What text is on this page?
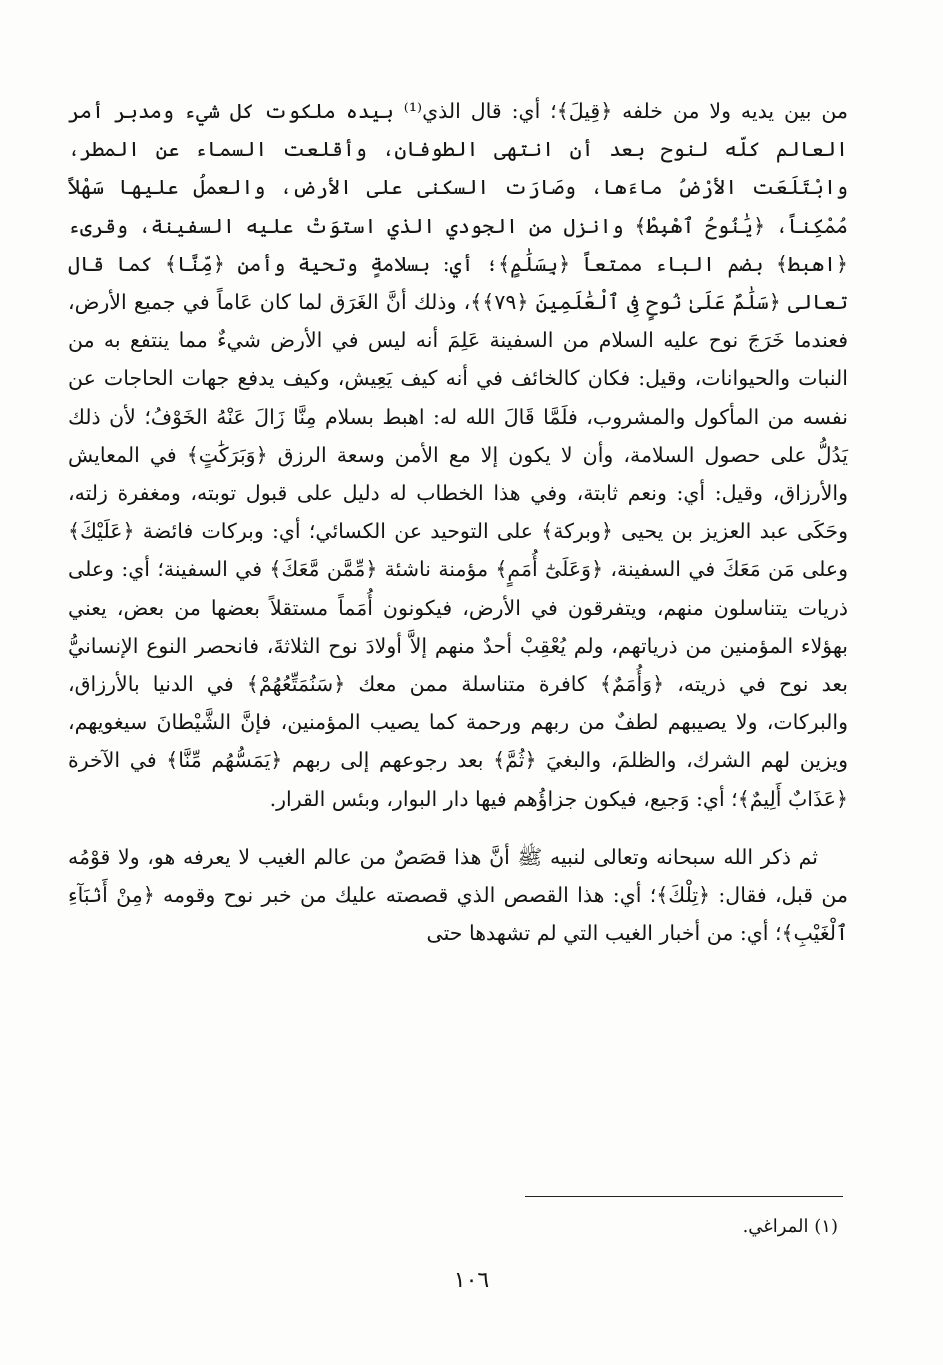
من بين يديه ولا من خلفه ﴿قِيلَ﴾؛ أي: قال الذي⁽¹⁾ بيده ملكوت كل شيء ومدبر أمر العالم كلّه لنوح بعد أن انتهى الطوفان، وأقلعت السماء عن المطر، وابْتَلَعَت الأرْضُ ماءَها، وصَارَت السكنى على الأرض، والعملُ عليها سَهْلاً مُمْكِناً، ﴿يَٰنُوحُ ٱهْبِطْ﴾ وانزل من الجودي الذي استوَتْ عليه السفينة، وقرىء ﴿اهبط﴾ بضم الباء ممتعاً ﴿بِسَلَٰمٍ﴾؛ أي: بسلامةٍ وتحية وأمن ﴿مِّنَّا﴾ كما قال تعالى ﴿سَلَٰمٌ عَلَىٰ نُوحٍ فِى ٱلْعَٰلَمِينَ ﴿٧٩﴾﴾، وذلك أنَّ الغَرَق لما كان عَاماً في جميع الأرض، فعندما خَرَجَ نوح عليه السلام من السفينة عَلِمَ أنه ليس في الأرض شيءٌ مما ينتفع به من النبات والحيوانات، وقيل: فكان كالخائف في أنه كيف يَعِيش، وكيف يدفع جهات الحاجات عن نفسه من المأكول والمشروب، فلَمَّا قَالَ الله له: اهبط بسلام مِنَّا زَالَ عَنْهُ الخَوْفُ؛ لأن ذلك يَدُلُّ على حصول السلامة، وأن لا يكون إلا مع الأمن وسعة الرزق ﴿وَبَرَكَٰتٍ﴾ في المعايش والأرزاق، وقيل: أي: ونعم ثابتة، وفي هذا الخطاب له دليل على قبول توبته، ومغفرة زلته، وحَكَى عبد العزيز بن يحيى ﴿وبركة﴾ على التوحيد عن الكسائي؛ أي: وبركات فائضة ﴿عَلَيْكَ﴾ وعلى مَن مَعَكَ في السفينة، ﴿وَعَلَىٰٓ أُمَمٍ﴾ مؤمنة ناشئة ﴿مِّمَّن مَّعَكَ﴾ في السفينة؛ أي: وعلى ذريات يتناسلون منهم، ويتفرقون في الأرض، فيكونون أُمَماً مستقلاً بعضها من بعض، يعني بهؤلاء المؤمنين من ذرياتهم، ولم يُعْقِبْ أحدٌ منهم إلاَّ أولادَ نوح الثلاثةَ، فانحصر النوع الإنسانيُّ بعد نوح في ذريته، ﴿وَأُمَمٌ﴾ كافرة متناسلة ممن معك ﴿سَنُمَتِّعُهُمْ﴾ في الدنيا بالأرزاق، والبركات، ولا يصيبهم لطفٌ من ربهم ورحمة كما يصيب المؤمنين، فإنَّ الشَّيْطانَ سيغويهم، ويزين لهم الشرك، والظلمَ، والبغيَ ﴿ثُمَّ﴾ بعد رجوعهم إلى ربهم ﴿يَمَسُّهُم مِّنَّا﴾ في الآخرة ﴿عَذَابٌ أَلِيمٌ﴾؛ أي: وَجيع، فيكون جزاؤُهم فيها دار البوار، وبئس القرار.

ثم ذكر الله سبحانه وتعالى لنبيه ﷺ أنَّ هذا قصَصٌ من عالم الغيب لا يعرفه هو، ولا قوْمُه من قبل، فقال: ﴿تِلْكَ﴾؛ أي: هذا القصص الذي قصصته عليك من خبر نوح وقومه ﴿مِنْ أَنۢبَآءِ ٱلْغَيْبِ﴾؛ أي: من أخبار الغيب التي لم تشهدها حتى

(١) المراغي.
١٠٦
